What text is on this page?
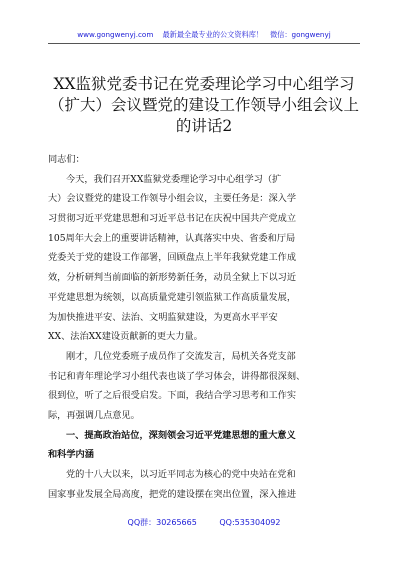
www.gongwenyj.com 最新最全最专业的公文资料库！ 微信：gongwenyj
XX监狱党委书记在党委理论学习中心组学习
（扩大）会议暨党的建设工作领导小组会议上
的讲话2
同志们：
今天，我们召开XX监狱党委理论学习中心组学习（扩
大）会议暨党的建设工作领导小组会议，主要任务是：深入学
习贯彻习近平党建思想和习近平总书记在庆祝中国共产党成立
105周年大会上的重要讲话精神，认真落实中央、省委和厅局
党委关于党的建设工作部署，回顾盘点上半年我狱党建工作成
效，分析研判当前面临的新形势新任务，动员全狱上下以习近
平党建思想为统领，以高质量党建引领监狱工作高质量发展，
为加快推进平安、法治、文明监狱建设，为更高水平平安
XX、法治XX建设贡献新的更大力量。
刚才，几位党委班子成员作了交流发言，局机关各党支部
书记和青年理论学习小组代表也谈了学习体会，讲得都很深刻、
很到位，听了之后很受启发。下面，我结合学习思考和工作实
际，再强调几点意见。
一、提高政治站位，深刻领会习近平党建思想的重大意义
和科学内涵
党的十八大以来，以习近平同志为核心的党中央站在党和
国家事业发展全局高度，把党的建设摆在突出位置，深入推进
QQ群：30265665	QQ:535304092
